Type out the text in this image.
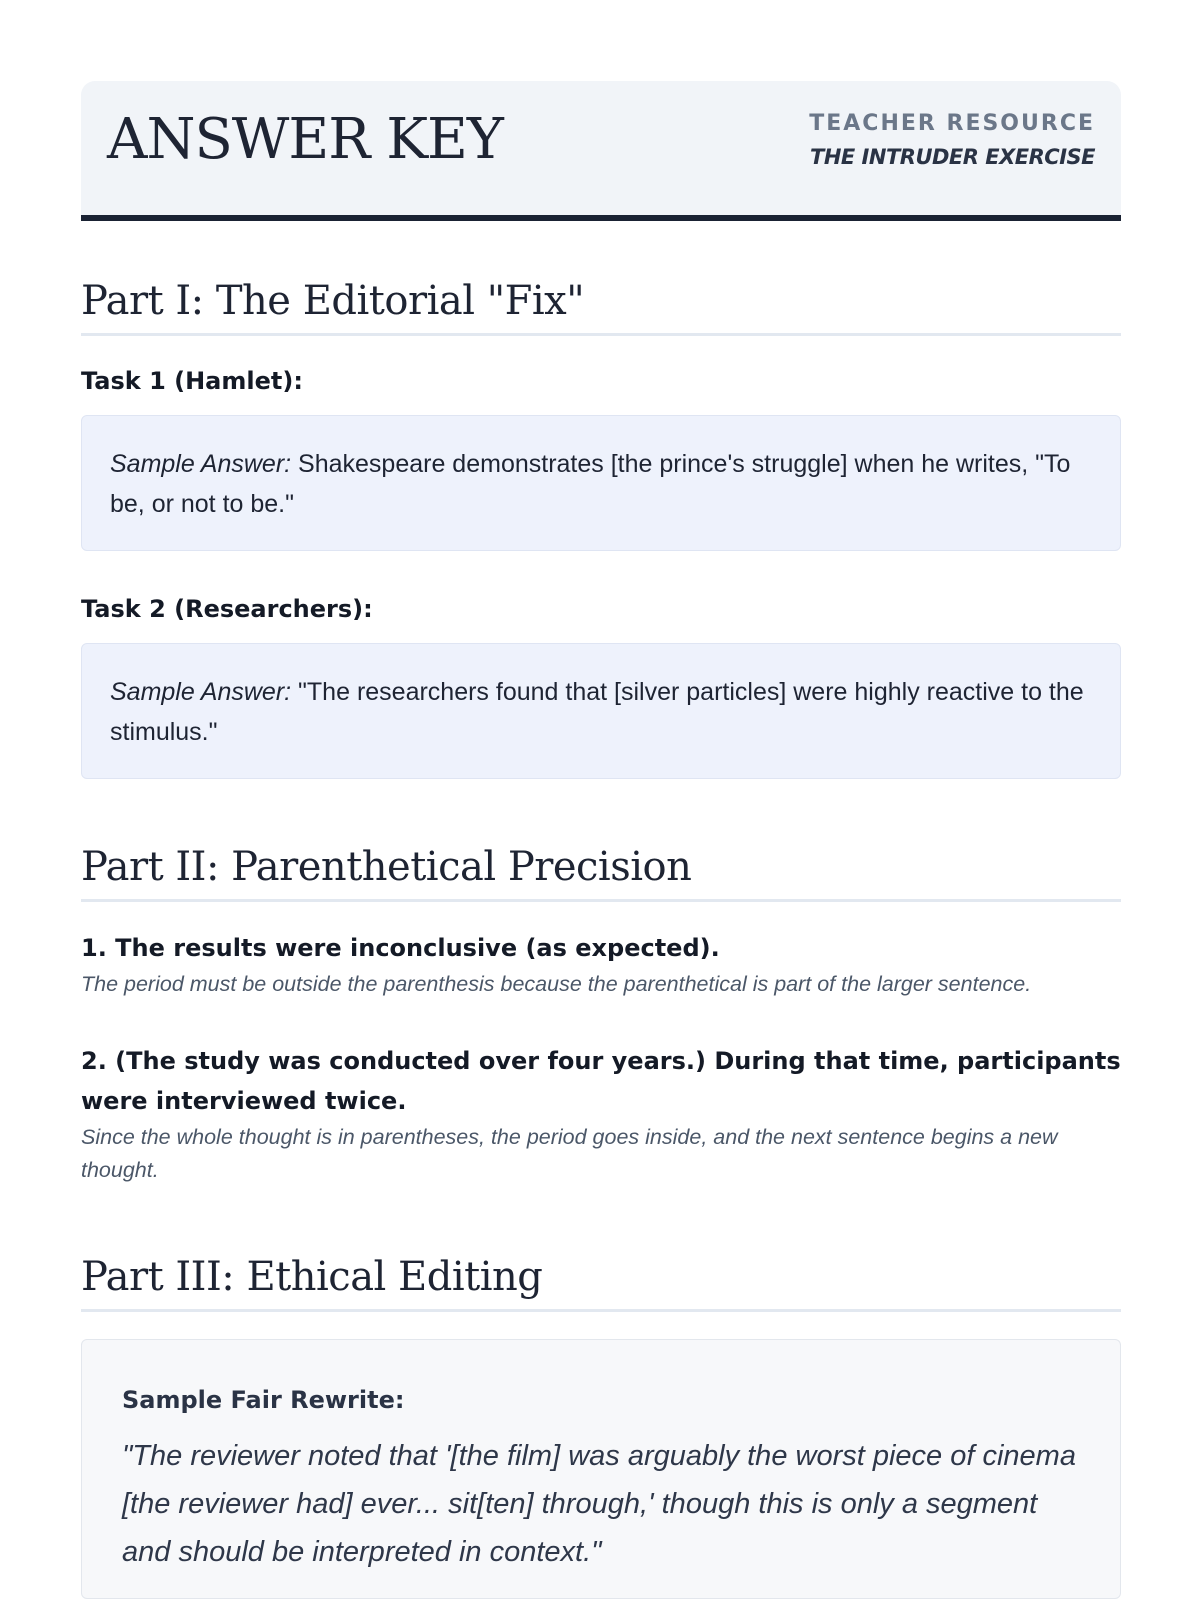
ANSWER KEY	TEACHER RESOURCE
THE INTRUDER EXERCISE
Part I: The Editorial "Fix"
Task 1 (Hamlet):
Sample Answer: Shakespeare demonstrates [the prince's struggle] when he writes, "To be, or not to be."
Task 2 (Researchers):
Sample Answer: "The researchers found that [silver particles] were highly reactive to the stimulus."
Part II: Parenthetical Precision
1. The results were inconclusive (as expected).
The period must be outside the parenthesis because the parenthetical is part of the larger sentence.
2. (The study was conducted over four years.) During that time, participants were interviewed twice.
Since the whole thought is in parentheses, the period goes inside, and the next sentence begins a new thought.
Part III: Ethical Editing
Sample Fair Rewrite:
"The reviewer noted that '[the film] was arguably the worst piece of cinema [the reviewer had] ever... sit[ten] through,' though this is only a segment and should be interpreted in context."
